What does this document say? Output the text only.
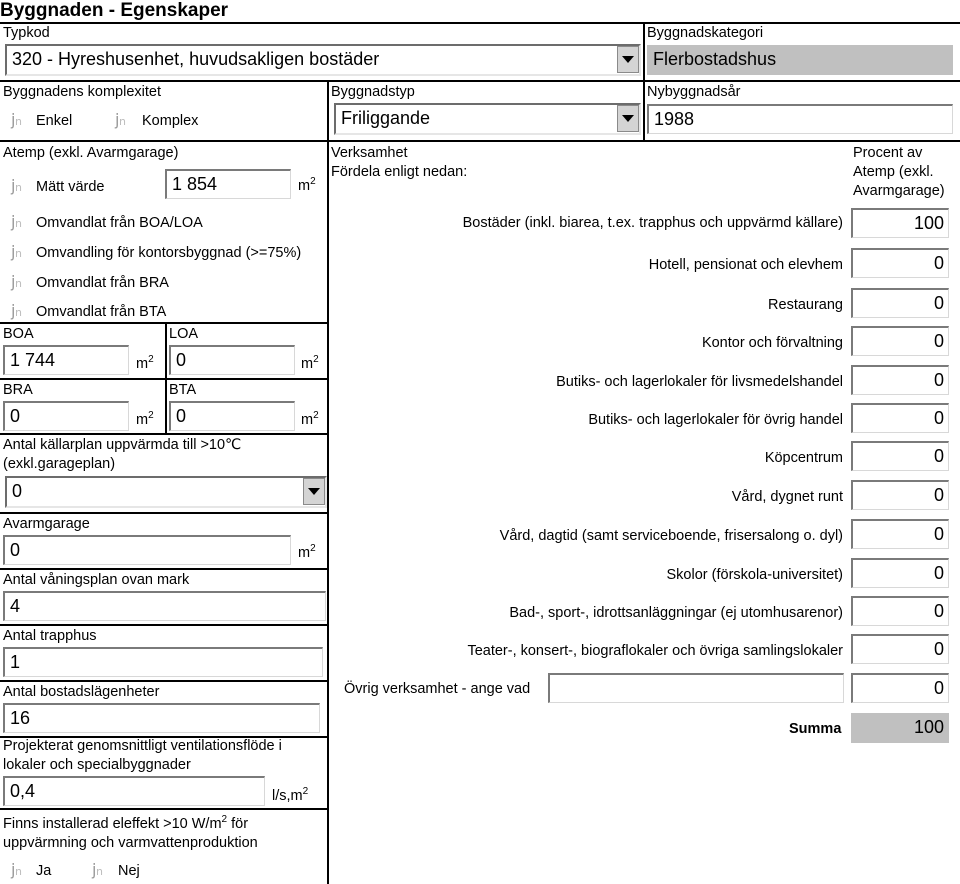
Byggnaden - Egenskaper
Typkod
320 - Hyreshusenhet, huvudsakligen bostäder
Byggnadskategori
Flerbostadshus
Byggnadens komplexitet
j n Enkel	j n Komplex
Byggnadstyp
Friliggande
Nybyggnadsår
1988
Atemp (exkl. Avarmgarage)
j n Mätt värde	1 854	$m^2$
j n Omvandlat från BOA/LOA
j n Omvandling för kontorsbyggnad (>=75%)
j n Omvandlat från BRA
j n Omvandlat från BTA
BOA
1 744	$m^2$
LOA
0	$m^2$
BRA
0	$m^2$
BTA
0	$m^2$
Antal källarplan uppvärmda till >10℃
(exkl.garageplan)
0
Avarmgarage
0	$m^2$
Antal våningsplan ovan mark
4
Antal trapphus
1
Antal bostadslägenheter
16
Projekterat genomsnittligt ventilationsflöde i
lokaler och specialbyggnader
0,4	$l/s,m^2$
Finns installerad eleffekt >10 $W/m^2$ för
uppvärmning och varmvattenproduktion
j n Ja	j n Nej
Verksamhet
Fördela enligt nedan:
Procent av
Atemp (exkl.
Avarmgarage)
Bostäder (inkl. biarea, t.ex. trapphus och uppvärmd källare)	100
Hotell, pensionat och elevhem	0
Restaurang	0
Kontor och förvaltning	0
Butiks- och lagerlokaler för livsmedelshandel	0
Butiks- och lagerlokaler för övrig handel	0
Köpcentrum	0
Vård, dygnet runt	0
Vård, dagtid (samt serviceboende, frisersalong o. dyl)	0
Skolor (förskola-universitet)	0
Bad-, sport-, idrottsanläggningar (ej utomhusarenor)	0
Teater-, konsert-, biograflokaler och övriga samlingslokaler	0
Övrig verksamhet - ange vad	0
Summa	100
